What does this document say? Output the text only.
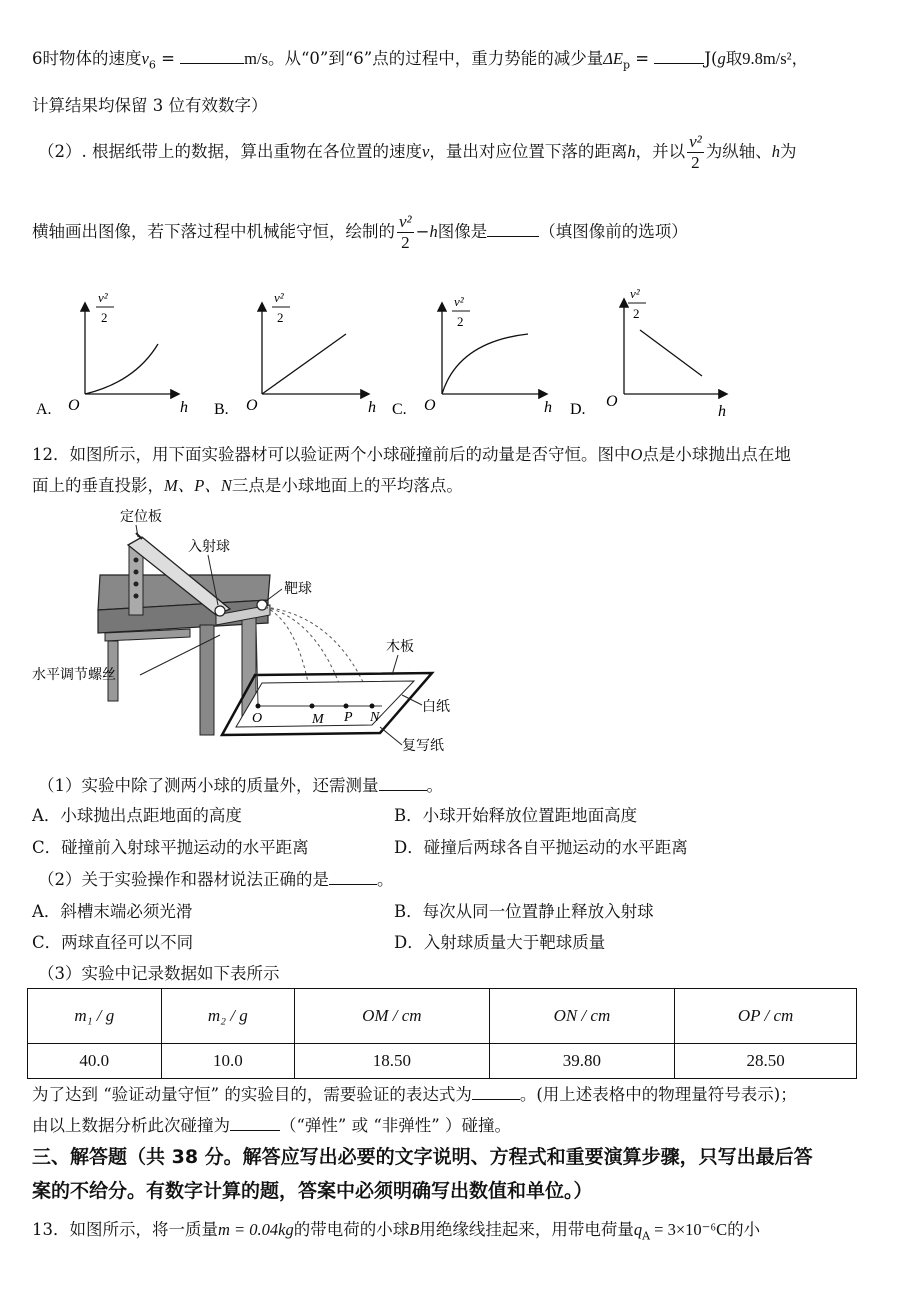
6时物体的速度$v_6$ =	m/s。从“0”到“6”点的过程中，重力势能的减少量$\Delta E_p$ =	J(g取9.8m/s²，
计算结果均保留 3 位有效数字）
（2）. 根据纸带上的数据，算出重物在各位置的速度v，量出对应位置下落的距离h，并以 $\frac{\text{v²}}{2}$ 为纵轴、h为
横轴画出图像，若下落过程中机械能守恒，绘制的 $\frac{\text{v²}}{2} -h$图像是	（填图像前的选项）
A.
v²
2
O	h B.
v²
2
O	h C.
v²
2
O	h D.
v²
2
O
h
12．如图所示，用下面实验器材可以验证两个小球碰撞前后的动量是否守恒。图中O点是小球抛出点在地
面上的垂直投影，M、P、N三点是小球地面上的平均落点。
O	M P N
定位板
入射球
靶球
水平调节螺丝
木板
白纸
复写纸
（1）实验中除了测两小球的质量外，还需测量	。
A．小球抛出点距地面的高度	B．小球开始释放位置距地面高度
C．碰撞前入射球平抛运动的水平距离	D．碰撞后两球各自平抛运动的水平距离
（2）关于实验操作和器材说法正确的是	。
A．斜槽末端必须光滑	B．每次从同一位置静止释放入射球
C．两球直径可以不同	D．入射球质量大于靶球质量
（3）实验中记录数据如下表所示
m₁ / g	m₂ / g	OM / cm	ON / cm	OP / cm
40.0	10.0	18.50	39.80	28.50
为了达到 “验证动量守恒” 的实验目的，需要验证的表达式为	。(用上述表格中的物理量符号表示)；
由以上数据分析此次碰撞为	（“弹性” 或 “非弹性” ）碰撞。
三、解答题（共 38 分。解答应写出必要的文字说明、方程式和重要演算步骤，只写出最后答
案的不给分。有数字计算的题，答案中必须明确写出数值和单位。）
13．如图所示，将一质量m = 0.04kg的带电荷的小球B用绝缘线挂起来，用带电荷量$q_A = 3\times 10^{-6}C$的小
